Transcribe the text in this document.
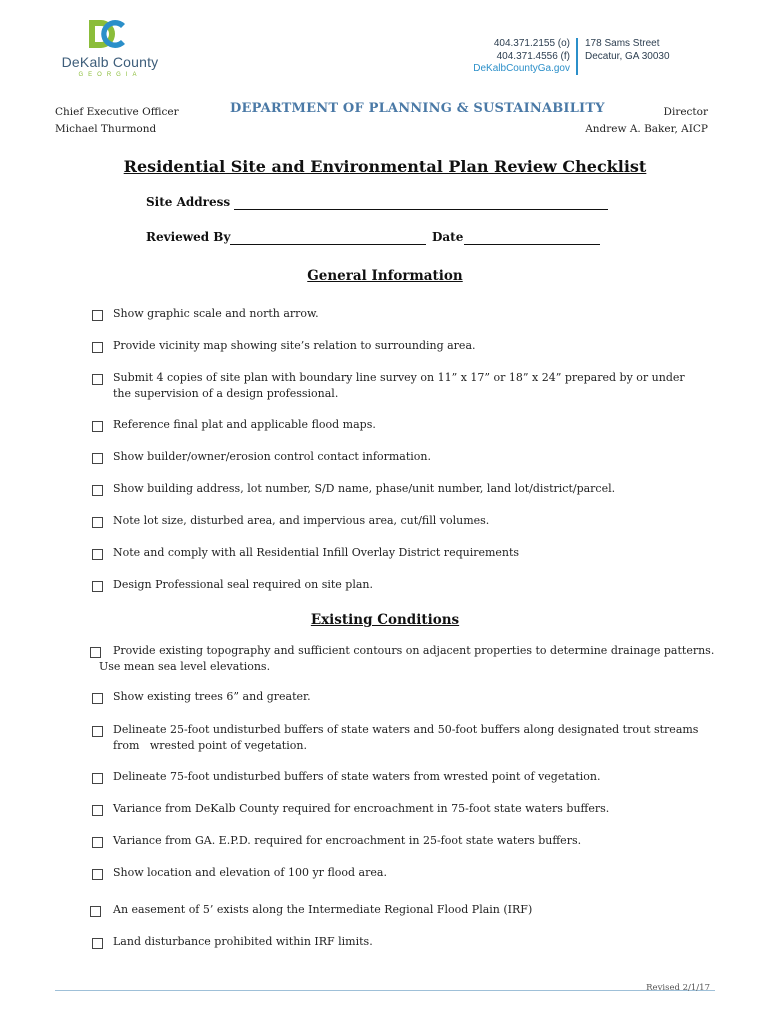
DeKalb County
GEORGIA
404.371.2155 (o)
404.371.4556 (f)
DeKalbCountyGa.gov
178 Sams Street
Decatur, GA 30030
Chief Executive Officer
Michael Thurmond
DEPARTMENT OF PLANNING & SUSTAINABILITY	Director
Andrew A. Baker, AICP
Residential Site and Environmental Plan Review Checklist
Site Address
Reviewed By	Date
General Information
Show graphic scale and north arrow.
Provide vicinity map showing site’s relation to surrounding area.
Submit 4 copies of site plan with boundary line survey on 11” x 17” or 18” x 24” prepared by or under
the supervision of a design professional.
Reference final plat and applicable flood maps.
Show builder/owner/erosion control contact information.
Show building address, lot number, S/D name, phase/unit number, land lot/district/parcel.
Note lot size, disturbed area, and impervious area, cut/fill volumes.
Note and comply with all Residential Infill Overlay District requirements
Design Professional seal required on site plan.
Existing Conditions
Provide existing topography and sufficient contours on adjacent properties to determine drainage patterns.
Use mean sea level elevations.
Show existing trees 6” and greater.
Delineate 25-foot undisturbed buffers of state waters and 50-foot buffers along designated trout streams
from   wrested point of vegetation.
Delineate 75-foot undisturbed buffers of state waters from wrested point of vegetation.
Variance from DeKalb County required for encroachment in 75-foot state waters buffers.
Variance from GA. E.P.D. required for encroachment in 25-foot state waters buffers.
Show location and elevation of 100 yr flood area.
An easement of 5’ exists along the Intermediate Regional Flood Plain (IRF)
Land disturbance prohibited within IRF limits.
Revised 2/1/17
